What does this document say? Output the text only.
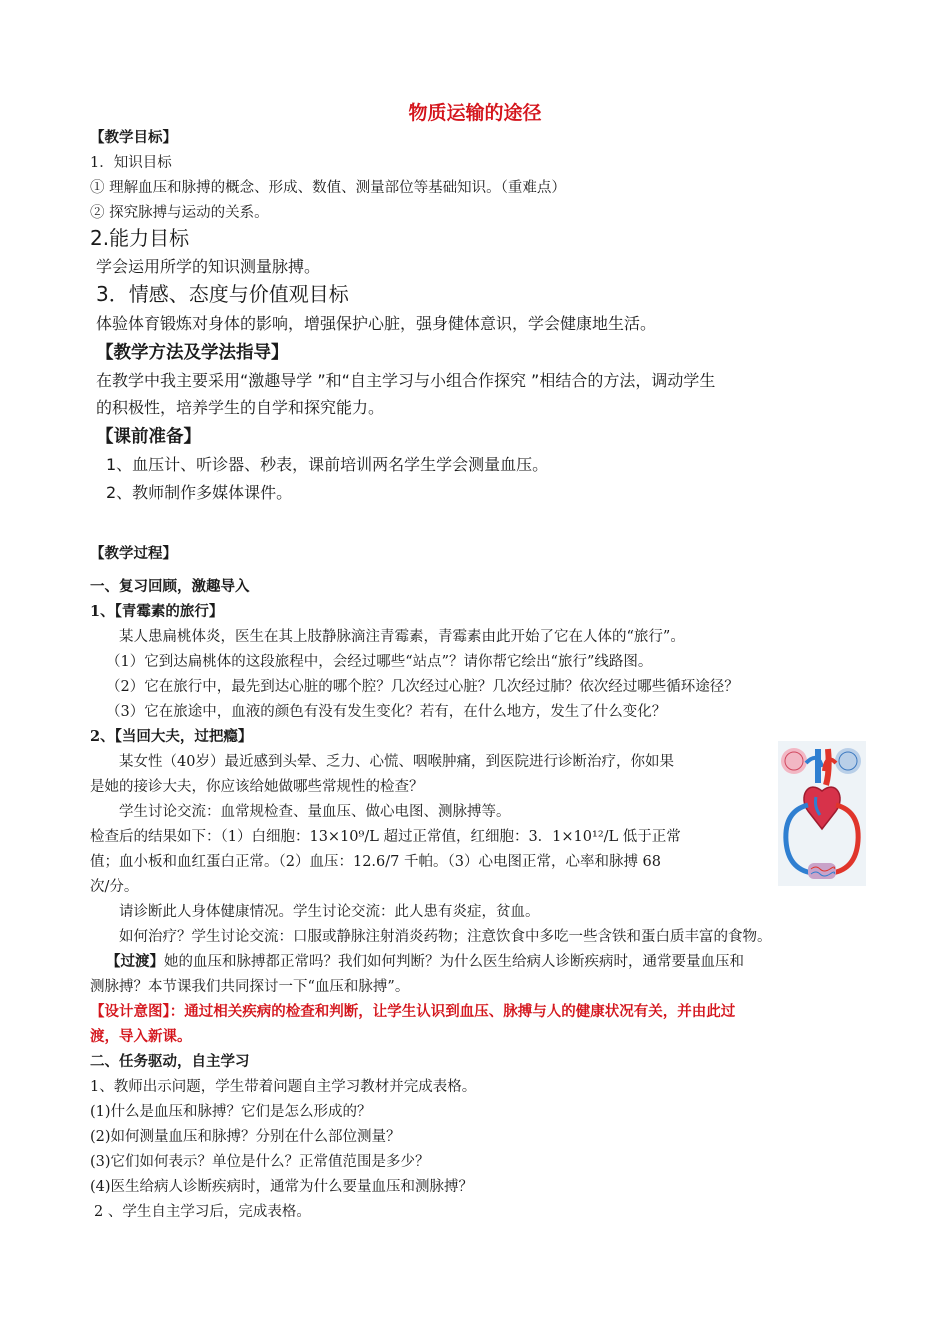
物质运输的途径
【教学目标】
1．知识目标
① 理解血压和脉搏的概念、形成、数值、测量部位等基础知识。（重难点）
② 探究脉搏与运动的关系。
2.能力目标
学会运用所学的知识测量脉搏。
3．情感、态度与价值观目标
体验体育锻炼对身体的影响，增强保护心脏，强身健体意识，学会健康地生活。
【教学方法及学法指导】
在教学中我主要采用“激趣导学 ”和“自主学习与小组合作探究 ”相结合的方法，调动学生
的积极性，培养学生的自学和探究能力。
【课前准备】
1、血压计、听诊器、秒表，课前培训两名学生学会测量血压。
2、教师制作多媒体课件。
【教学过程】
一、复习回顾，激趣导入
1、【青霉素的旅行】
某人患扁桃体炎，医生在其上肢静脉滴注青霉素，青霉素由此开始了它在人体的“旅行”。
（1）它到达扁桃体的这段旅程中，会经过哪些“站点”？请你帮它绘出“旅行”线路图。
（2）它在旅行中，最先到达心脏的哪个腔？几次经过心脏？几次经过肺？依次经过哪些循环途径？
（3）它在旅途中，血液的颜色有没有发生变化？若有，在什么地方，发生了什么变化？
2、【当回大夫，过把瘾】
某女性（40岁）最近感到头晕、乏力、心慌、咽喉肿痛，到医院进行诊断治疗，你如果
是她的接诊大夫，你应该给她做哪些常规性的检查？
学生讨论交流：血常规检查、量血压、做心电图、测脉搏等。
检查后的结果如下：（1）白细胞：13×10⁹/L 超过正常值，红细胞：3．1×10¹²/L 低于正常
值；血小板和血红蛋白正常。（2）血压：12.6/7 千帕。（3）心电图正常，心率和脉搏 68
次/分。
请诊断此人身体健康情况。学生讨论交流：此人患有炎症，贫血。
如何治疗？学生讨论交流：口服或静脉注射消炎药物；注意饮食中多吃一些含铁和蛋白质丰富的食物。
【过渡】她的血压和脉搏都正常吗？我们如何判断？为什么医生给病人诊断疾病时，通常要量血压和
测脉搏？本节课我们共同探讨一下“血压和脉搏”。
【设计意图】：通过相关疾病的检查和判断，让学生认识到血压、脉搏与人的健康状况有关，并由此过
渡，导入新课。
二、任务驱动，自主学习
1、教师出示问题，学生带着问题自主学习教材并完成表格。
(1)什么是血压和脉搏？它们是怎么形成的？
(2)如何测量血压和脉搏？分别在什么部位测量？
(3)它们如何表示？单位是什么？正常值范围是多少？
(4)医生给病人诊断疾病时，通常为什么要量血压和测脉搏？
2 、学生自主学习后，完成表格。
